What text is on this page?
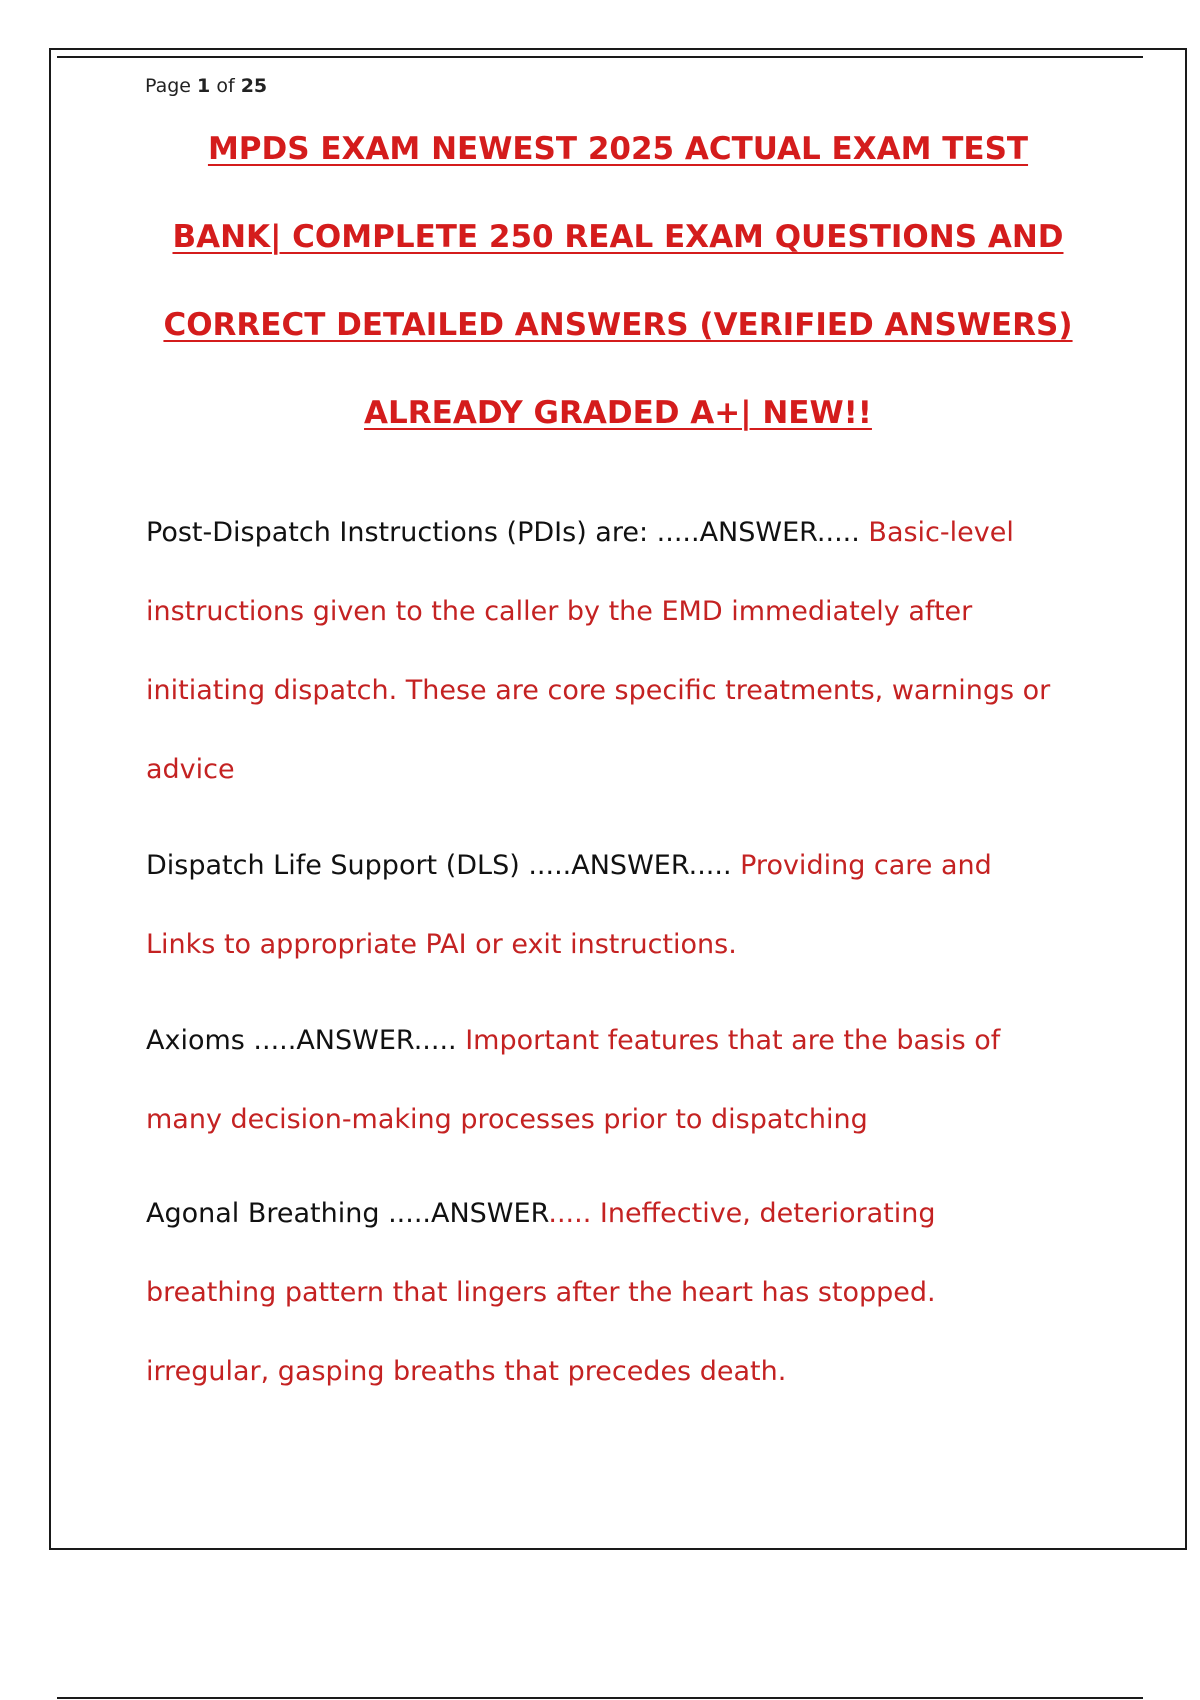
Page 1 of 25
MPDS EXAM NEWEST 2025 ACTUAL EXAM TEST
BANK| COMPLETE 250 REAL EXAM QUESTIONS AND
CORRECT DETAILED ANSWERS (VERIFIED ANSWERS)
ALREADY GRADED A+| NEW!!

Post-Dispatch Instructions (PDIs) are: .....ANSWER..... Basic-level instructions given to the caller by the EMD immediately after initiating dispatch. These are core specific treatments, warnings or advice

Dispatch Life Support (DLS) .....ANSWER..... Providing care and Links to appropriate PAI or exit instructions.

Axioms .....ANSWER..... Important features that are the basis of many decision-making processes prior to dispatching

Agonal Breathing .....ANSWER..... Ineffective, deteriorating breathing pattern that lingers after the heart has stopped. irregular, gasping breaths that precedes death.
